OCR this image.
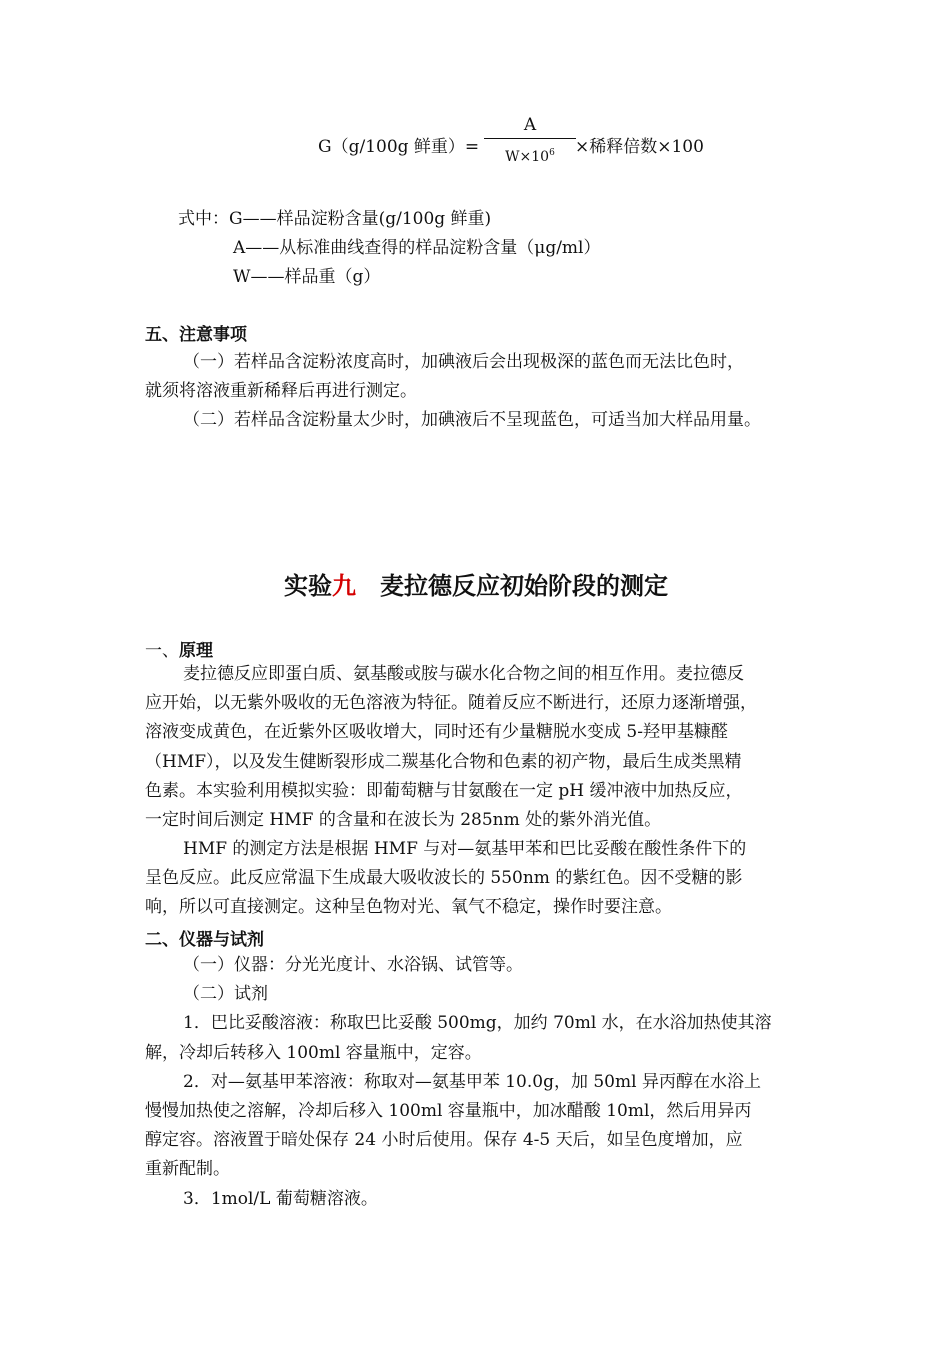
G（g/100g 鲜重）=
A
$W\times 10^6$	×稀释倍数×100
式中：G——样品淀粉含量(g/100g 鲜重)
A——从标准曲线查得的样品淀粉含量（μg/ml）
W——样品重（g）
五、注意事项
（一）若样品含淀粉浓度高时，加碘液后会出现极深的蓝色而无法比色时，
就须将溶液重新稀释后再进行测定。
（二）若样品含淀粉量太少时，加碘液后不呈现蓝色，可适当加大样品用量。
实验九 麦拉德反应初始阶段的测定
一、原理
麦拉德反应即蛋白质、氨基酸或胺与碳水化合物之间的相互作用。麦拉德反
应开始，以无紫外吸收的无色溶液为特征。随着反应不断进行，还原力逐渐增强，
溶液变成黄色，在近紫外区吸收增大，同时还有少量糖脱水变成 5-羟甲基糠醛
（HMF），以及发生健断裂形成二羰基化合物和色素的初产物，最后生成类黑精
色素。本实验利用模拟实验：即葡萄糖与甘氨酸在一定 pH 缓冲液中加热反应，
一定时间后测定 HMF 的含量和在波长为 285nm 处的紫外消光值。
HMF 的测定方法是根据 HMF 与对—氨基甲苯和巴比妥酸在酸性条件下的
呈色反应。此反应常温下生成最大吸收波长的 550nm 的紫红色。因不受糖的影
响，所以可直接测定。这种呈色物对光、氧气不稳定，操作时要注意。
二、仪器与试剂
（一）仪器：分光光度计、水浴锅、试管等。
（二）试剂
1．巴比妥酸溶液：称取巴比妥酸 500mg，加约 70ml 水，在水浴加热使其溶
解，冷却后转移入 100ml 容量瓶中，定容。
2．对—氨基甲苯溶液：称取对—氨基甲苯 10.0g，加 50ml 异丙醇在水浴上
慢慢加热使之溶解，冷却后移入 100ml 容量瓶中，加冰醋酸 10ml，然后用异丙
醇定容。溶液置于暗处保存 24 小时后使用。保存 4-5 天后，如呈色度增加，应
重新配制。
3．1mol/L 葡萄糖溶液。
